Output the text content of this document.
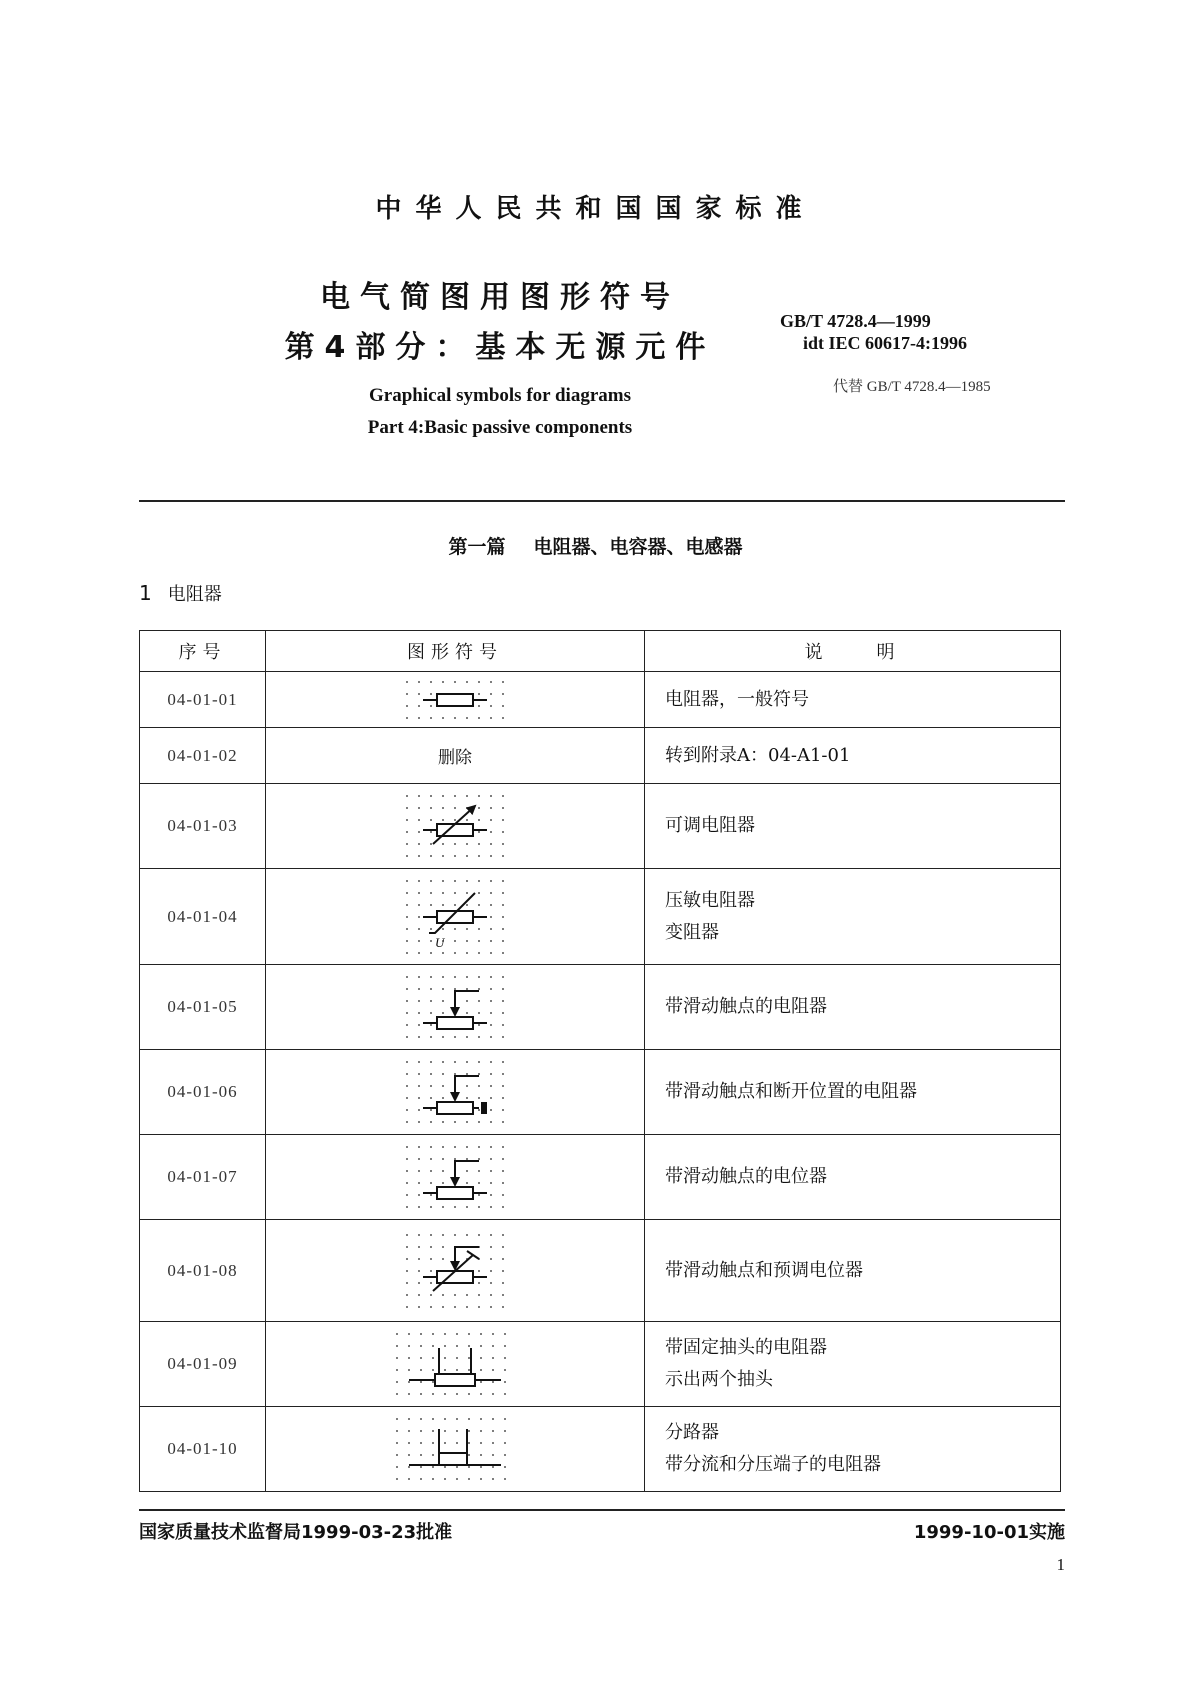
中华人民共和国国家标准
电气简图用图形符号
第4部分：基本无源元件
Graphical symbols for diagrams
Part 4:Basic passive components
GB/T 4728.4—1999
idt IEC 60617-4:1996
代替 GB/T 4728.4—1985
第一篇 电阻器、电容器、电感器
1 电阻器
序号	图形符号	说　　明
04-01-01		电阻器，一般符号

04-01-02	删除	转到附录A：04-A1-01

04-01-03		可调电阻器

04-01-04	U	压敏电阻器
变阻器

04-01-05		带滑动触点的电阻器

04-01-06		带滑动触点和断开位置的电阻器

04-01-07		带滑动触点的电位器

04-01-08		带滑动触点和预调电位器

04-01-09		带固定抽头的电阻器
示出两个抽头

04-01-10		分路器
带分流和分压端子的电阻器
国家质量技术监督局1999-03-23批准	1999-10-01实施
1
